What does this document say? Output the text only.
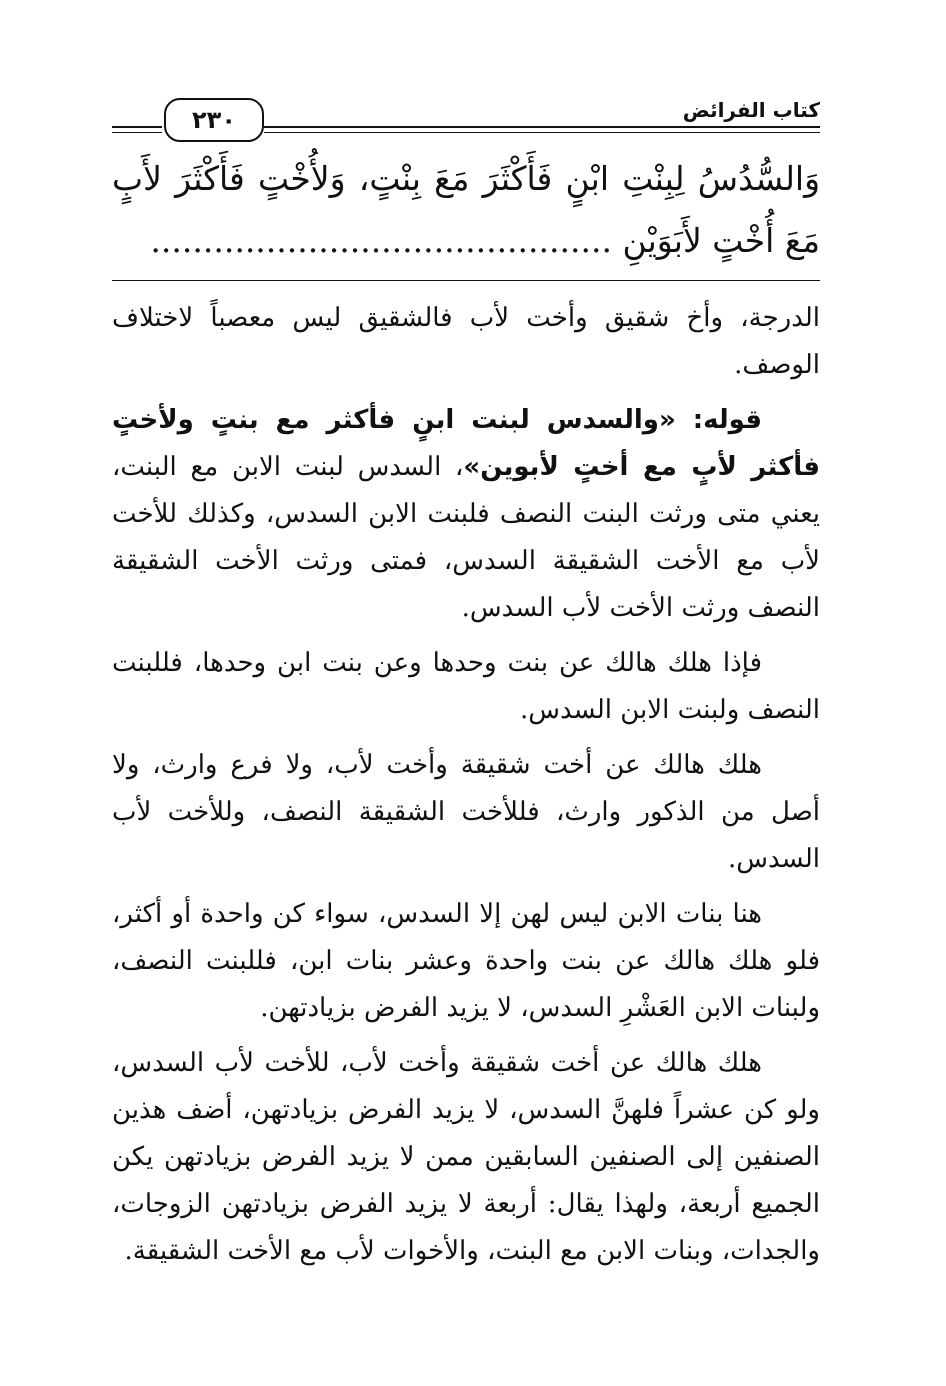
كتاب الفرائض
٢٣٠
وَالسُّدُسُ لِبِنْتِ ابْنٍ فَأَكْثَرَ مَعَ بِنْتٍ، وَلأُخْتٍ فَأَكْثَرَ لأَبٍ مَعَ أُخْتٍ لأَبَوَيْنِ ............................................

الدرجة، وأخ شقيق وأخت لأب فالشقيق ليس معصباً لاختلاف الوصف.

قوله: «والسدس لبنت ابنٍ فأكثر مع بنتٍ ولأختٍ فأكثر لأبٍ مع أختٍ لأبوين»، السدس لبنت الابن مع البنت، يعني متى ورثت البنت النصف فلبنت الابن السدس، وكذلك للأخت لأب مع الأخت الشقيقة السدس، فمتى ورثت الأخت الشقيقة النصف ورثت الأخت لأب السدس.

فإذا هلك هالك عن بنت وحدها وعن بنت ابن وحدها، فللبنت النصف ولبنت الابن السدس.

هلك هالك عن أخت شقيقة وأخت لأب، ولا فرع وارث، ولا أصل من الذكور وارث، فللأخت الشقيقة النصف، وللأخت لأب السدس.

هنا بنات الابن ليس لهن إلا السدس، سواء كن واحدة أو أكثر، فلو هلك هالك عن بنت واحدة وعشر بنات ابن، فللبنت النصف، ولبنات الابن العَشْرِ السدس، لا يزيد الفرض بزيادتهن.

هلك هالك عن أخت شقيقة وأخت لأب، للأخت لأب السدس، ولو كن عشراً فلهنَّ السدس، لا يزيد الفرض بزيادتهن، أضف هذين الصنفين إلى الصنفين السابقين ممن لا يزيد الفرض بزيادتهن يكن الجميع أربعة، ولهذا يقال: أربعة لا يزيد الفرض بزيادتهن الزوجات، والجدات، وبنات الابن مع البنت، والأخوات لأب مع الأخت الشقيقة.
